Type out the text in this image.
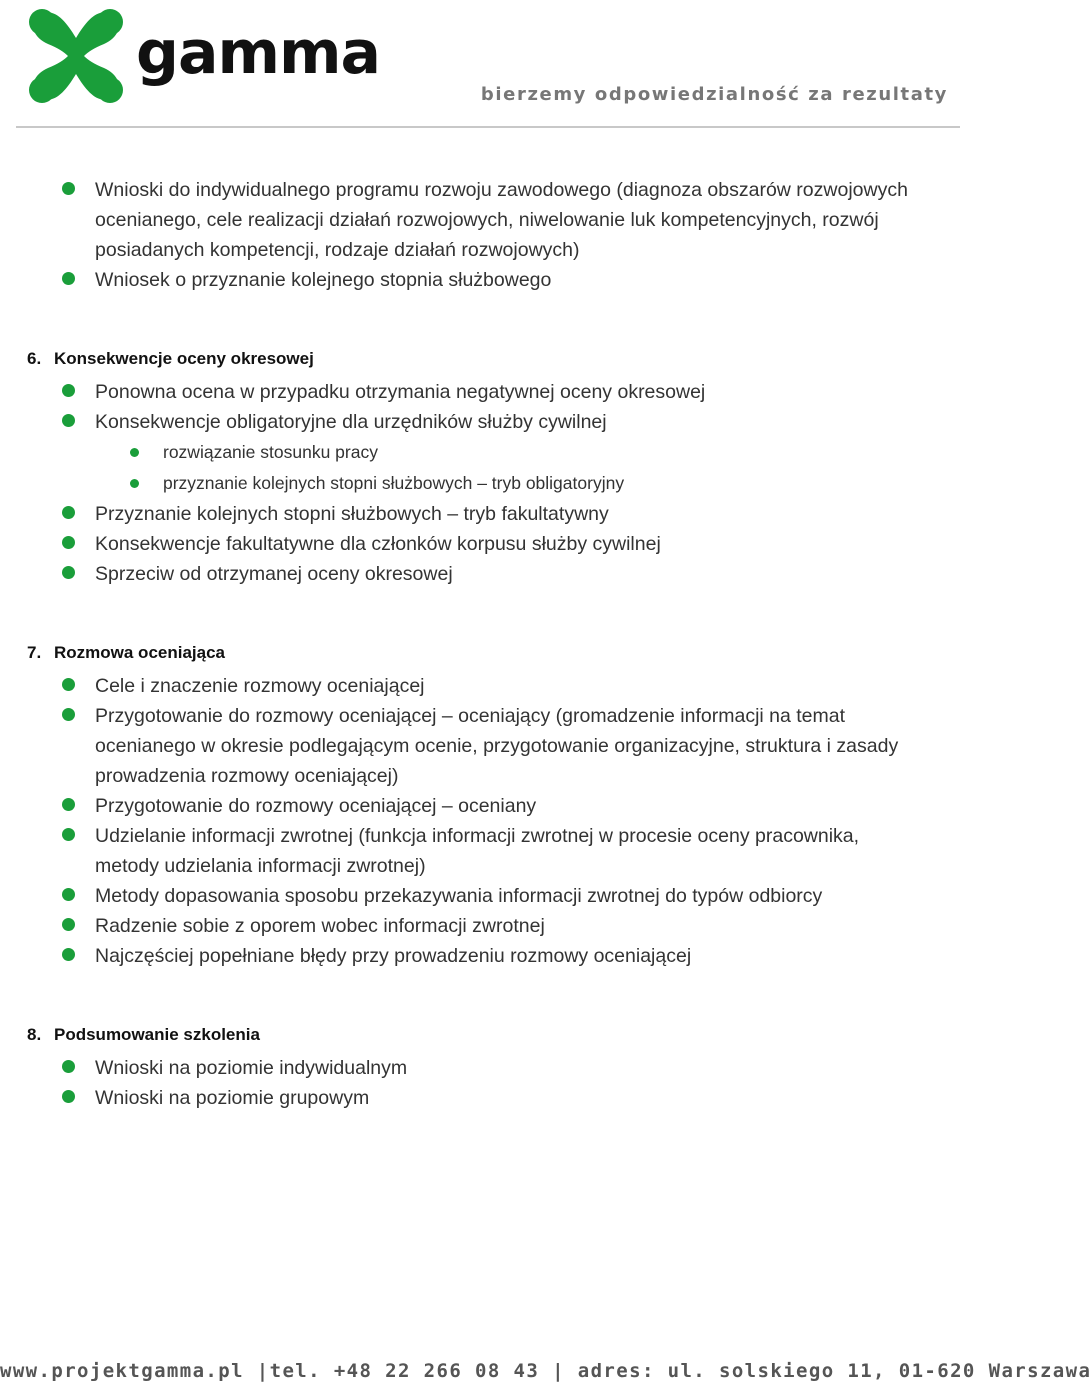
gamma
bierzemy odpowiedzialność za rezultaty
Wnioski do indywidualnego programu rozwoju zawodowego (diagnoza obszarów rozwojowych ocenianego, cele realizacji działań rozwojowych, niwelowanie luk kompetencyjnych, rozwój posiadanych kompetencji, rodzaje działań rozwojowych)
Wniosek o przyznanie kolejnego stopnia służbowego
6. Konsekwencje oceny okresowej
Ponowna ocena w przypadku otrzymania negatywnej oceny okresowej
Konsekwencje obligatoryjne dla urzędników służby cywilnej
rozwiązanie stosunku pracy
przyznanie kolejnych stopni służbowych – tryb obligatoryjny
Przyznanie kolejnych stopni służbowych – tryb fakultatywny
Konsekwencje fakultatywne dla członków korpusu służby cywilnej
Sprzeciw od otrzymanej oceny okresowej
7. Rozmowa oceniająca
Cele i znaczenie rozmowy oceniającej
Przygotowanie do rozmowy oceniającej – oceniający (gromadzenie informacji na temat ocenianego w okresie podlegającym ocenie, przygotowanie organizacyjne, struktura i zasady prowadzenia rozmowy oceniającej)
Przygotowanie do rozmowy oceniającej – oceniany
Udzielanie informacji zwrotnej (funkcja informacji zwrotnej w procesie oceny pracownika, metody udzielania informacji zwrotnej)
Metody dopasowania sposobu przekazywania informacji zwrotnej do typów odbiorcy
Radzenie sobie z oporem wobec informacji zwrotnej
Najczęściej popełniane błędy przy prowadzeniu rozmowy oceniającej
8. Podsumowanie szkolenia
Wnioski na poziomie indywidualnym
Wnioski na poziomie grupowym
www.projektgamma.pl |tel. +48 22 266 08 43 | adres: ul. solskiego 11, 01-620 Warszawa
